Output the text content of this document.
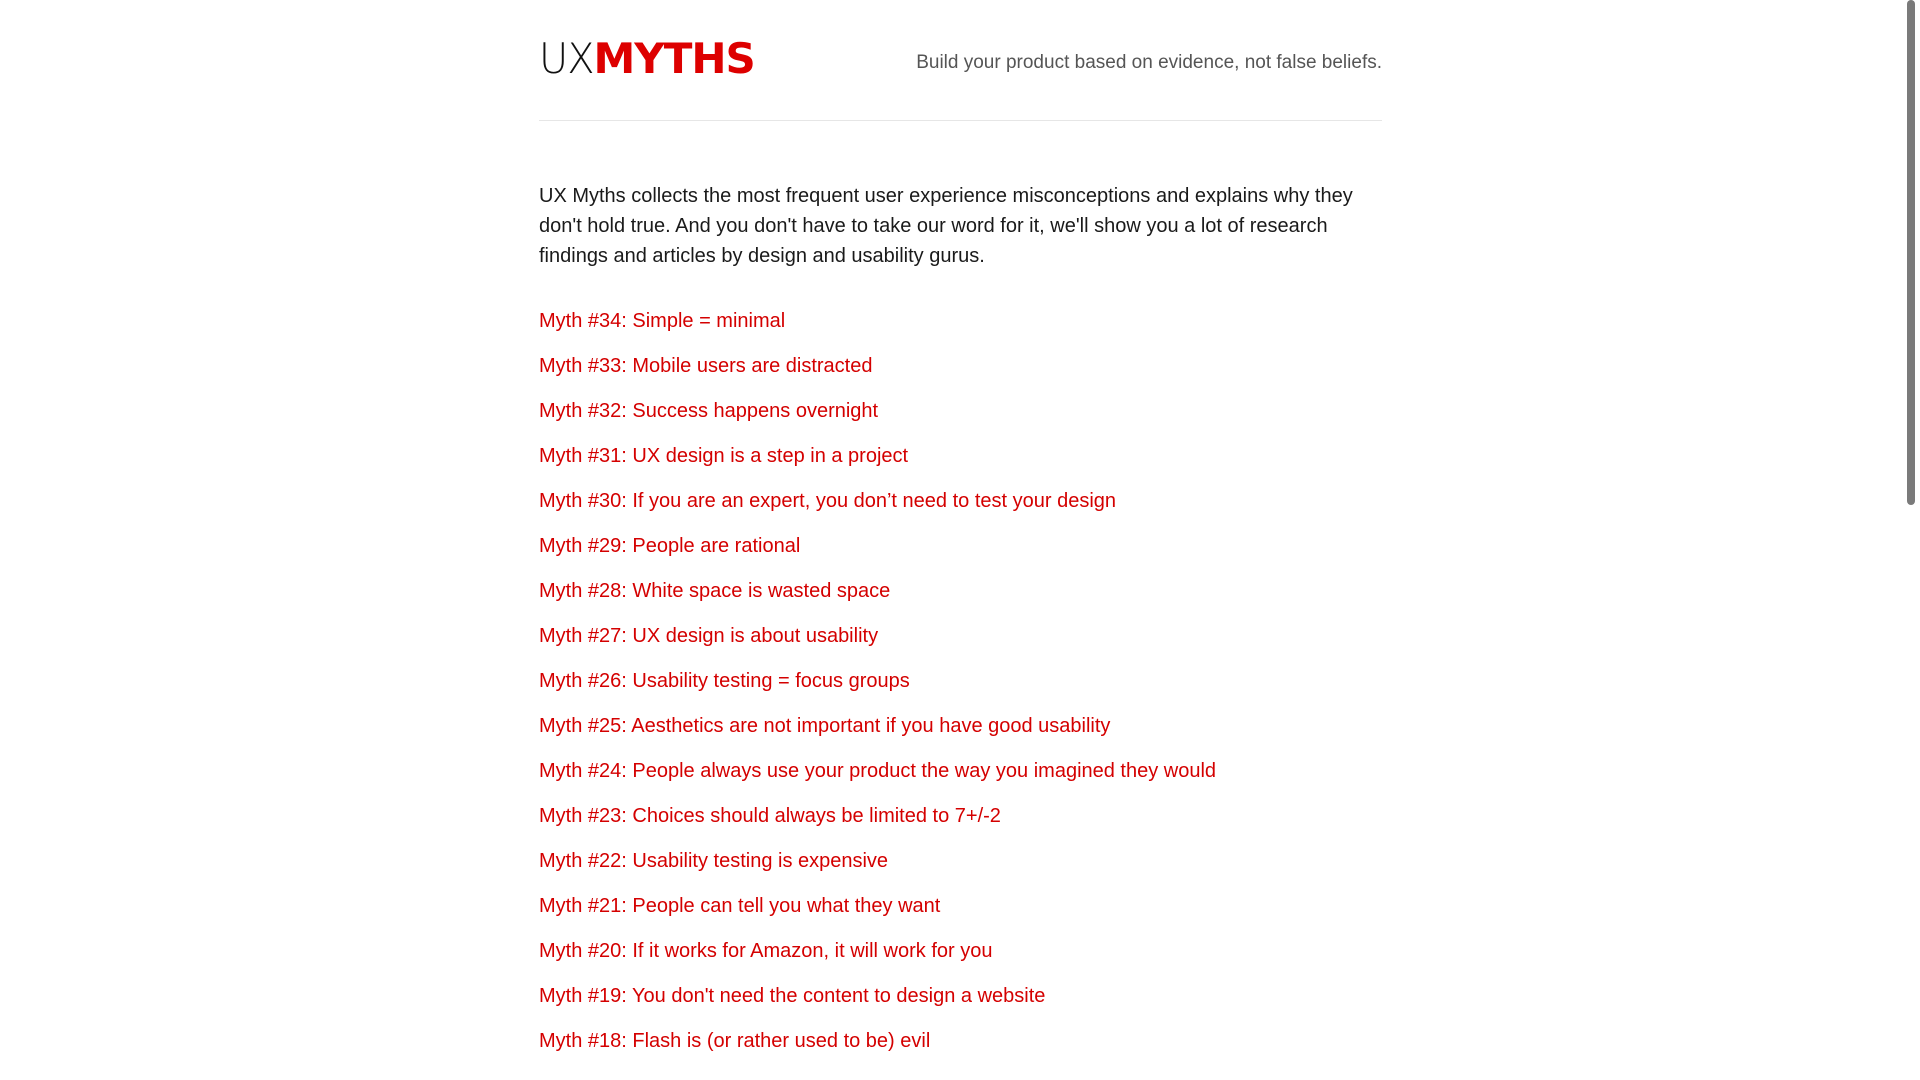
UX MYTHS	Build your product based on evidence, not false beliefs.

UX Myths collects the most frequent user experience misconceptions and explains why they don't hold true. And you don't have to take our word for it, we'll show you a lot of research findings and articles by design and usability gurus.

Myth #34: Simple = minimal
Myth #33: Mobile users are distracted
Myth #32: Success happens overnight
Myth #31: UX design is a step in a project
Myth #30: If you are an expert, you don’t need to test your design
Myth #29: People are rational
Myth #28: White space is wasted space
Myth #27: UX design is about usability
Myth #26: Usability testing = focus groups
Myth #25: Aesthetics are not important if you have good usability
Myth #24: People always use your product the way you imagined they would
Myth #23: Choices should always be limited to 7+/-2
Myth #22: Usability testing is expensive
Myth #21: People can tell you what they want
Myth #20: If it works for Amazon, it will work for you
Myth #19: You don't need the content to design a website
Myth #18: Flash is (or rather used to be) evil
